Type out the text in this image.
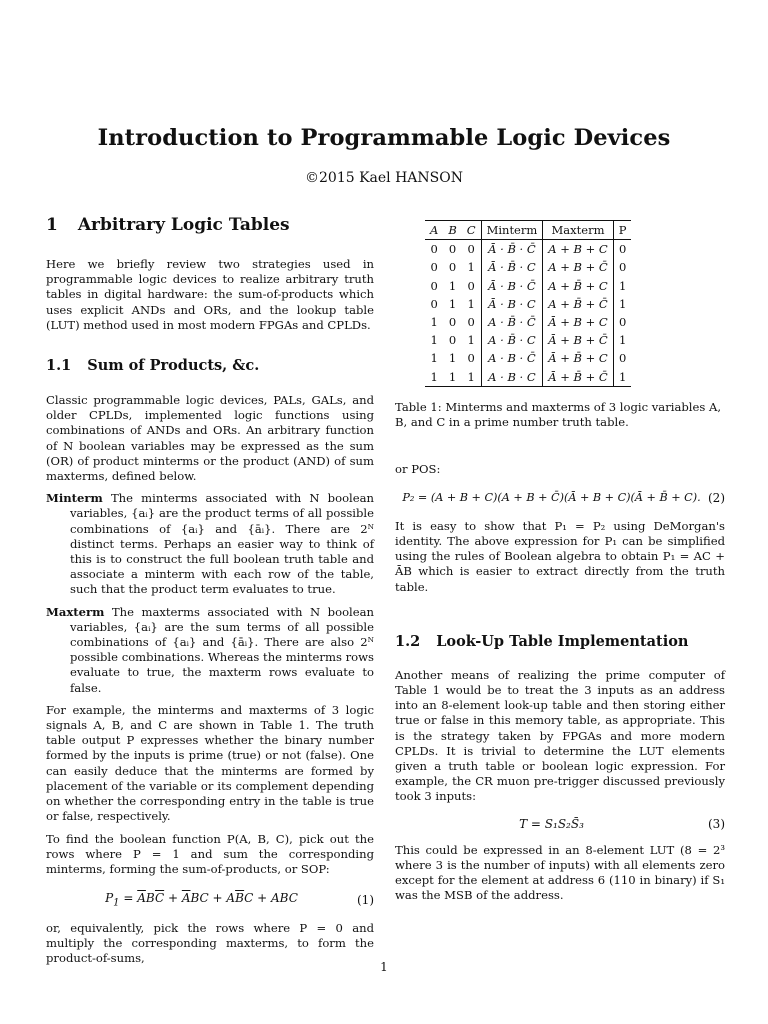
Introduction to Programmable Logic Devices
©2015 Kael HANSON
1 Arbitrary Logic Tables

Here we briefly review two strategies used in programmable logic devices to realize arbitrary truth tables in digital hardware: the sum-of-products which uses explicit ANDs and ORs, and the lookup table (LUT) method used in most modern FPGAs and CPLDs.

1.1 Sum of Products, &c.

Classic programmable logic devices, PALs, GALs, and older CPLDs, implemented logic functions using combinations of ANDs and ORs. An arbitrary function of N boolean variables may be expressed as the sum (OR) of product minterms or the product (AND) of sum maxterms, defined below.

Minterm The minterms associated with N boolean variables, {aᵢ} are the product terms of all possible combinations of {aᵢ} and {āᵢ}. There are 2ᴺ distinct terms. Perhaps an easier way to think of this is to construct the full boolean truth table and associate a minterm with each row of the table, such that the product term evaluates to true.

Maxterm The maxterms associated with N boolean variables, {aᵢ} are the sum terms of all possible combinations of {aᵢ} and {āᵢ}. There are also 2ᴺ possible combinations. Whereas the minterms rows evaluate to true, the maxterm rows evaluate to false.

For example, the minterms and maxterms of 3 logic signals A, B, and C are shown in Table 1. The truth table output P expresses whether the binary number formed by the inputs is prime (true) or not (false). One can easily deduce that the minterms are formed by placement of the variable or its complement depending on whether the corresponding entry in the table is true or false, respectively.

To find the boolean function P(A, B, C), pick out the rows where P = 1 and sum the corresponding minterms, forming the sum-of-products, or SOP:

$P_1 = \overline{A}B\overline{C} + \overline{A}BC + A\overline{B}C$ + ABC	(1)

or, equivalently, pick the rows where P = 0 and multiply the corresponding maxterms, to form the product-of-sums,

A	B	C	Minterm	Maxterm	P
0	0	0	Ā · B̄ · C̄	A + B + C	0
0	0	1	Ā · B̄ · C	A + B + C̄	0
0	1	0	Ā · B · C̄	A + B̄ + C	1
0	1	1	Ā · B · C	A + B̄ + C̄	1
1	0	0	A · B̄ · C̄	Ā + B + C	0
1	0	1	A · B̄ · C	Ā + B + C̄	1
1	1	0	A · B · C̄	Ā + B̄ + C	0
1	1	1	A · B · C	Ā + B̄ + C̄	1

Table 1: Minterms and maxterms of 3 logic variables A, B, and C in a prime number truth table.

or POS:

P₂ = (A + B + C)(A + B + C̄)(Ā + B + C)(Ā + B̄ + C). (2)

It is easy to show that P₁ = P₂ using DeMorgan's identity. The above expression for P₁ can be simplified using the rules of Boolean algebra to obtain P₁ = AC + ĀB which is easier to extract directly from the truth table.

1.2 Look-Up Table Implementation

Another means of realizing the prime computer of Table 1 would be to treat the 3 inputs as an address into an 8-element look-up table and then storing either true or false in this memory table, as appropriate. This is the strategy taken by FPGAs and more modern CPLDs. It is trivial to determine the LUT elements given a truth table or boolean logic expression. For example, the CR muon pre-trigger discussed previously took 3 inputs:

T = S₁S₂S̄₃	(3)

This could be expressed in an 8-element LUT (8 = 2³ where 3 is the number of inputs) with all elements zero except for the element at address 6 (110 in binary) if S₁ was the MSB of the address.

1
